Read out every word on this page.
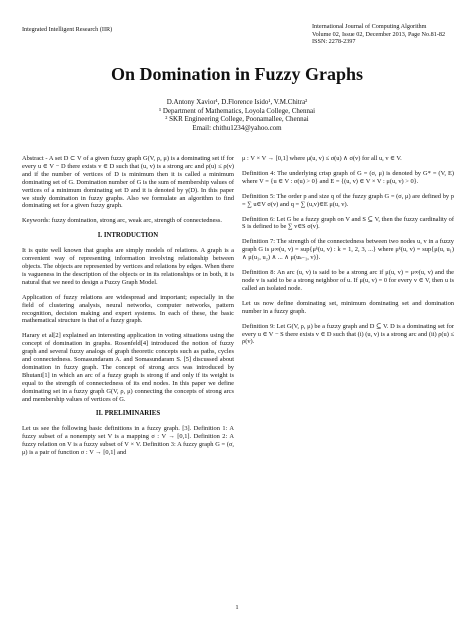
Integrated Intelligent Research (IIR)	International Journal of Computing Algorithm
Volume 02, Issue 02, December 2013, Page No.81-82
ISSN: 2278-2397
On Domination in Fuzzy Graphs
D.Antony Xavior¹, D.Florence Isido¹, V.M.Chitra²
¹ Department of Mathematics, Loyola College, Chennai
² SKR Engineering College, Poonamallee, Chennai
Email: chithu1234@yahoo.com

Abstract - A set D ⊂ V of a given fuzzy graph G(V, ρ, μ) is a dominating set if for every u ∈ V − D there exists v ∈ D such that (u, v) is a strong arc and ρ(u) ≤ ρ(v) and if the number of vertices of D is minimum then it is called a minimum dominating set of G. Domination number of G is the sum of membership values of vertices of a minimum dominating set D and it is denoted by γ(D). In this paper we study domination in fuzzy graphs. Also we formulate an algorithm to find dominating set for a given fuzzy graph.

Keywords: fuzzy domination, strong arc, weak arc, strength of connectedness.

I. INTRODUCTION

It is quite well known that graphs are simply models of relations. A graph is a convenient way of representing information involving relationship between objects. The objects are represented by vertices and relations by edges. When there is vagueness in the description of the objects or in its relationships or in both, it is natural that we need to design a Fuzzy Graph Model.

Application of fuzzy relations are widespread and important; especially in the field of clustering analysis, neural networks, computer networks, pattern recognition, decision making and expert systems. In each of these, the basic mathematical structure is that of a fuzzy graph.

Harary et al[2] explained an interesting application in voting situations using the concept of domination in graphs. Rosenfeld[4] introduced the notion of fuzzy graph and several fuzzy analogs of graph theoretic concepts such as paths, cycles and connectedness. Somasundaram A. and Somasundaram S. [5] discussed about domination in fuzzy graph. The concept of strong arcs was introduced by Bhutani[1] in which an arc of a fuzzy graph is strong if and only if its weight is equal to the strength of connectedness of its end nodes. In this paper we define dominating set in a fuzzy graph G(V, ρ, μ) connecting the concepts of strong arcs and membership values of vertices of G.

II. PRELIMINARIES

Let us see the following basic definitions in a fuzzy graph. [3]. Definition 1: A fuzzy subset of a nonempty set V is a mapping σ : V → [0,1]. Definition 2: A fuzzy relation on V is a fuzzy subset of V × V. Definition 3: A fuzzy graph G = (σ, μ) is a pair of function σ : V → [0,1] and

μ : V × V → [0,1] where μ(u, v) ≤ σ(u) ∧ σ(v) for all u, v ∈ V.

Definition 4: The underlying crisp graph of G = (σ, μ) is denoted by G* = (V, E) where V = {u ∈ V : σ(u) > 0} and E = {(u, v) ∈ V × V : μ(u, v) > 0}.

Definition 5: The order p and size q of the fuzzy graph G = (σ, μ) are defined by p = ∑ u∈V σ(v) and q = ∑ (u,v)∈E μ(u, v).

Definition 6: Let G be a fuzzy graph on V and S ⊆ V, then the fuzzy cardinality of S is defined to be ∑ v∈S σ(v).

Definition 7: The strength of the connectedness between two nodes u, v in a fuzzy graph G is μ∞(u, v) = sup{μᵏ(u, v) : k = 1, 2, 3, ...} where μᵏ(u, v) = sup{μ(u, u₁) ∧ μ(u₁, u₂) ∧ ... ∧ μ(uₖ₋₁, v)}.

Definition 8: An arc (u, v) is said to be a strong arc if μ(u, v) = μ∞(u, v) and the node v is said to be a strong neighbor of u. If μ(u, v) = 0 for every v ∈ V, then u is called an isolated node.

Let us now define dominating set, minimum dominating set and domination number in a fuzzy graph.

Definition 9: Let G(V, ρ, μ) be a fuzzy graph and D ⊆ V. D is a dominating set for every u ∈ V − S there exists v ∈ D such that (i) (u, v) is a strong arc and (ii) ρ(u) ≤ ρ(v).

1
